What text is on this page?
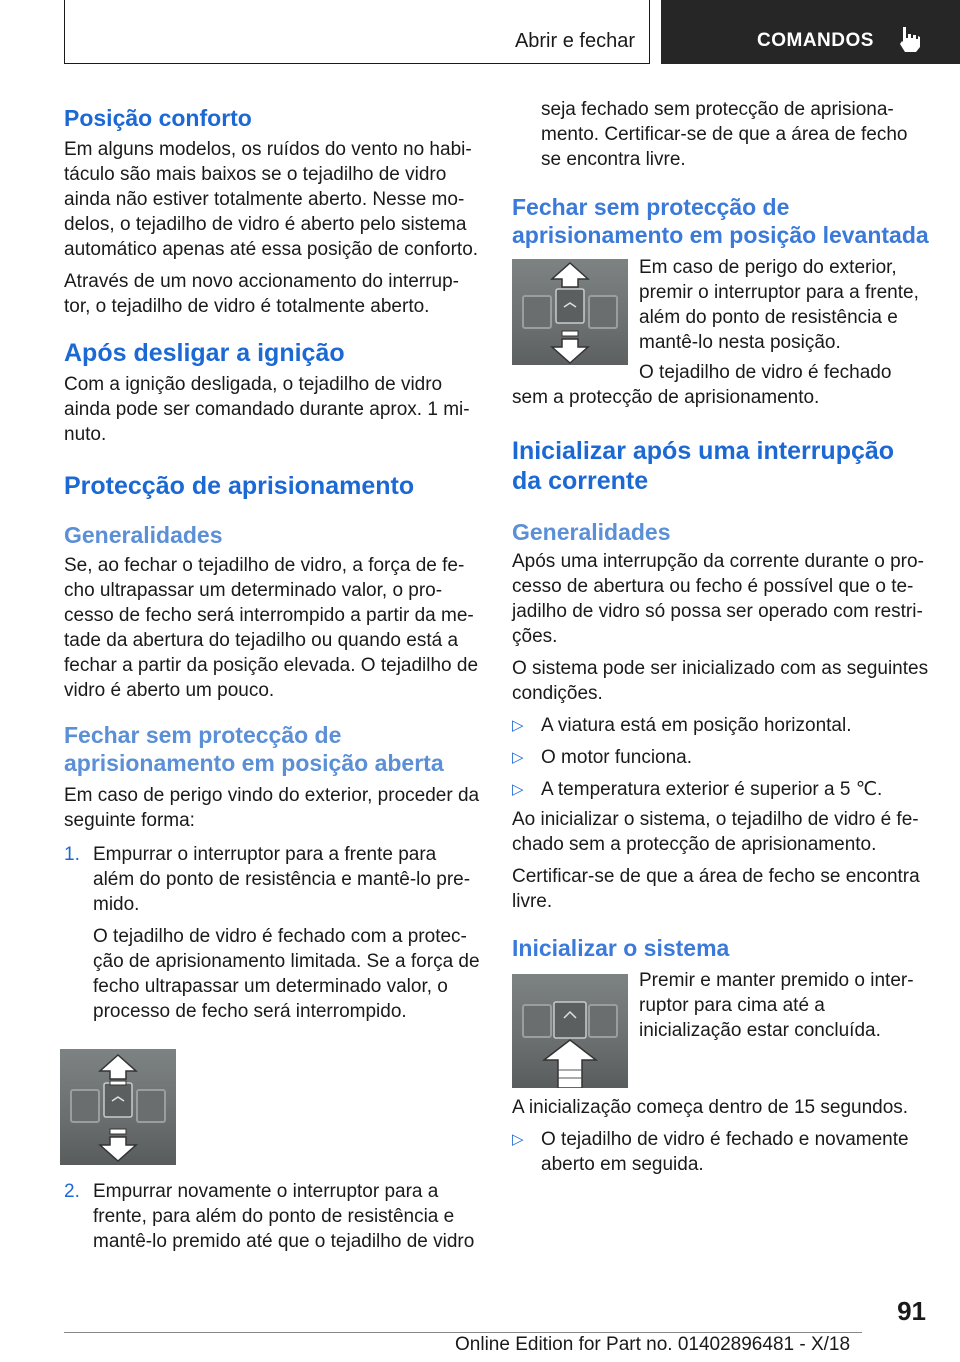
Abrir e fechar	COMANDOS
Posição conforto

Em alguns modelos, os ruídos do vento no habi-táculo são mais baixos se o tejadilho de vidro ainda não estiver totalmente aberto. Nesse mo-delos, o tejadilho de vidro é aberto pelo sistema automático apenas até essa posição de conforto.

Através de um novo accionamento do interrup-tor, o tejadilho de vidro é totalmente aberto.

Após desligar a ignição

Com a ignição desligada, o tejadilho de vidro ainda pode ser comandado durante aprox. 1 mi-nuto.

Protecção de aprisionamento
Generalidades

Se, ao fechar o tejadilho de vidro, a força de fe-cho ultrapassar um determinado valor, o pro-cesso de fecho será interrompido a partir da me-tade da abertura do tejadilho ou quando está a fechar a partir da posição elevada. O tejadilho de vidro é aberto um pouco.

Fechar sem protecção de aprisionamento em posição aberta

Em caso de perigo vindo do exterior, proceder da seguinte forma:

1. Empurrar o interruptor para a frente para além do ponto de resistência e mantê-lo pre-mido.

O tejadilho de vidro é fechado com a protec-ção de aprisionamento limitada. Se a força de fecho ultrapassar um determinado valor, o processo de fecho será interrompido.

2. Empurrar novamente o interruptor para a frente, para além do ponto de resistência e mantê-lo premido até que o tejadilho de vidro

seja fechado sem protecção de aprisiona-mento. Certificar-se de que a área de fecho se encontra livre.

Fechar sem protecção de aprisionamento em posição levantada

Em caso de perigo do exterior, premir o interruptor para a frente, além do ponto de resistência e mantê-lo nesta posição.

O tejadilho de vidro é fechado

sem a protecção de aprisionamento.

Inicializar após uma interrupção da corrente
Generalidades

Após uma interrupção da corrente durante o pro-cesso de abertura ou fecho é possível que o te-jadilho de vidro só possa ser operado com restri-ções.

O sistema pode ser inicializado com as seguintes condições.

▷ A viatura está em posição horizontal.

▷ O motor funciona.

▷ A temperatura exterior é superior a 5 ℃.

Ao inicializar o sistema, o tejadilho de vidro é fe-chado sem a protecção de aprisionamento.

Certificar-se de que a área de fecho se encontra livre.

Inicializar o sistema

Premir e manter premido o inter-ruptor para cima até a inicialização estar concluída.

A inicialização começa dentro de 15 segundos.

▷ O tejadilho de vidro é fechado e novamente aberto em seguida.

91
Online Edition for Part no. 01402896481 - X/18
